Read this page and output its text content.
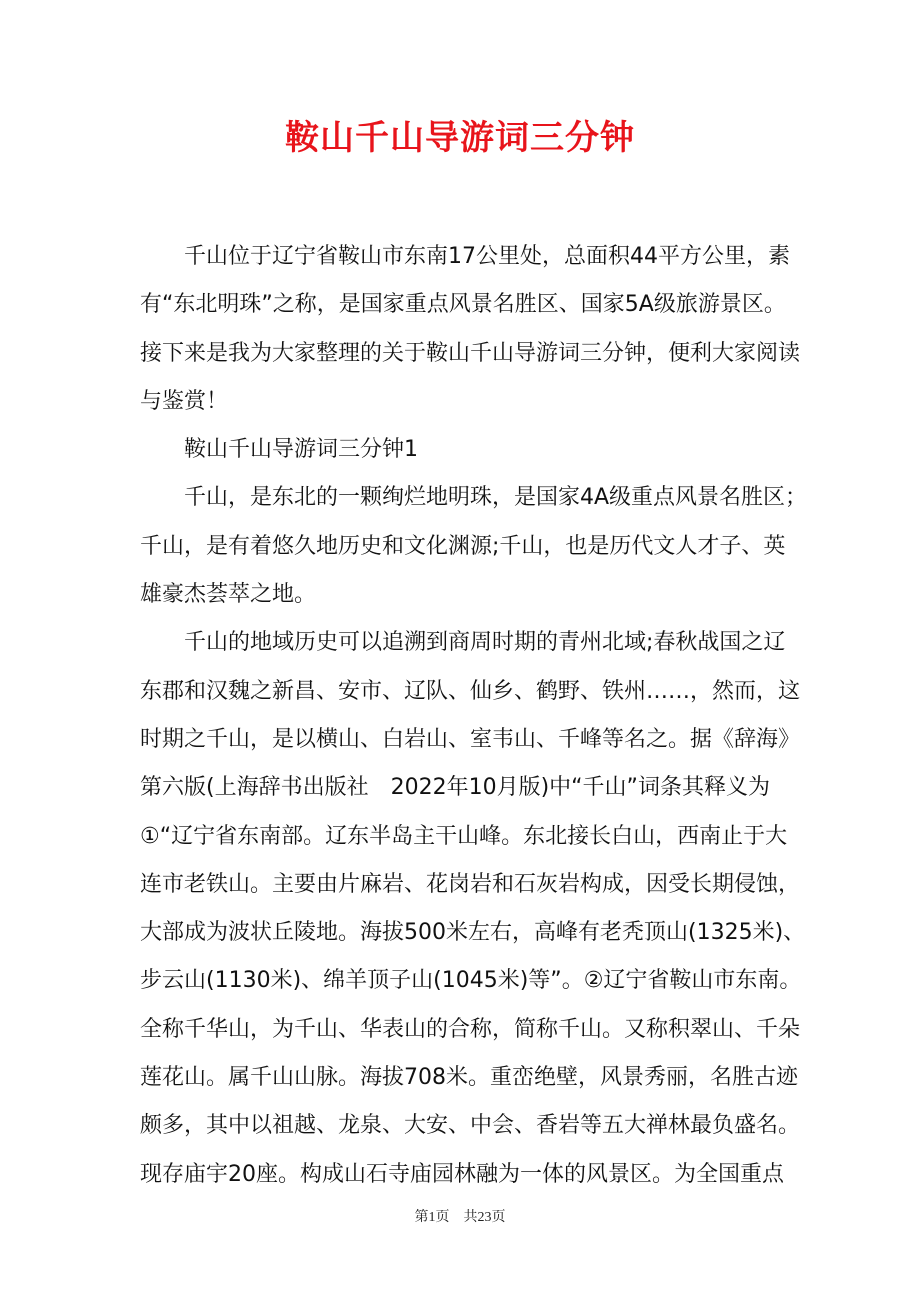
鞍山千山导游词三分钟
千山位于辽宁省鞍山市东南17公里处，总面积44平方公里，素
有“东北明珠”之称，是国家重点风景名胜区、国家5A级旅游景区。
接下来是我为大家整理的关于鞍山千山导游词三分钟，便利大家阅读
与鉴赏！
鞍山千山导游词三分钟1
千山，是东北的一颗绚烂地明珠，是国家4A级重点风景名胜区；
千山，是有着悠久地历史和文化渊源;千山，也是历代文人才子、英
雄豪杰荟萃之地。
千山的地域历史可以追溯到商周时期的青州北域;春秋战国之辽
东郡和汉魏之新昌、安市、辽队、仙乡、鹤野、铁州……，然而，这
时期之千山，是以横山、白岩山、室韦山、千峰等名之。据《辞海》
第六版(上海辞书出版社　2022年10月版)中“千山”词条其释义为
①“辽宁省东南部。辽东半岛主干山峰。东北接长白山，西南止于大
连市老铁山。主要由片麻岩、花岗岩和石灰岩构成，因受长期侵蚀，
大部成为波状丘陵地。海拔500米左右，高峰有老秃顶山(1325米)、
步云山(1130米)、绵羊顶子山(1045米)等”。②辽宁省鞍山市东南。
全称千华山，为千山、华表山的合称，简称千山。又称积翠山、千朵
莲花山。属千山山脉。海拔708米。重峦绝壁，风景秀丽，名胜古迹
颇多，其中以祖越、龙泉、大安、中会、香岩等五大禅林最负盛名。
现存庙宇20座。构成山石寺庙园林融为一体的风景区。为全国重点
第1页　共23页
